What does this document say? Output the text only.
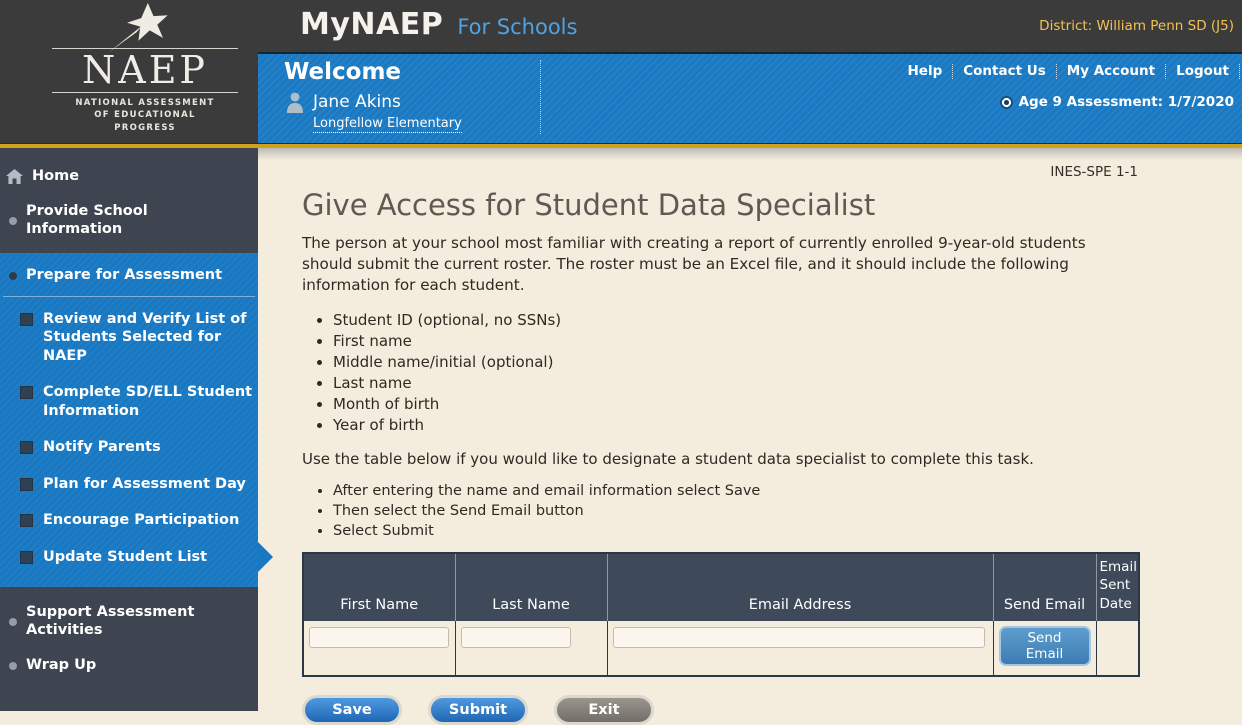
MyNAEP For Schools	District: William Penn SD (J5)
Welcome
Jane Akins
Longfellow Elementary
Help	Contact Us	My Account	Logout
Age 9 Assessment: 1/7/2020
NAEP
NATIONAL ASSESSMENT
OF EDUCATIONAL
PROGRESS
Home
Provide School Information
Prepare for Assessment
Review and Verify List of Students Selected for NAEP
Complete SD/ELL Student Information
Notify Parents
Plan for Assessment Day
Encourage Participation
Update Student List
Support Assessment Activities
Wrap Up
INES-SPE 1-1
Give Access for Student Data Specialist

The person at your school most familiar with creating a report of currently enrolled 9-year-old students should submit the current roster. The roster must be an Excel file, and it should include the following information for each student.

• Student ID (optional, no SSNs)
• First name
• Middle name/initial (optional)
• Last name
• Month of birth
• Year of birth

Use the table below if you would like to designate a student data specialist to complete this task.

• After entering the name and email information select Save
• Then select the Send Email button
• Select Submit
First Name	Last Name	Email Address	Send Email	Email Sent Date
			Send Email	
Save	Submit	Exit
